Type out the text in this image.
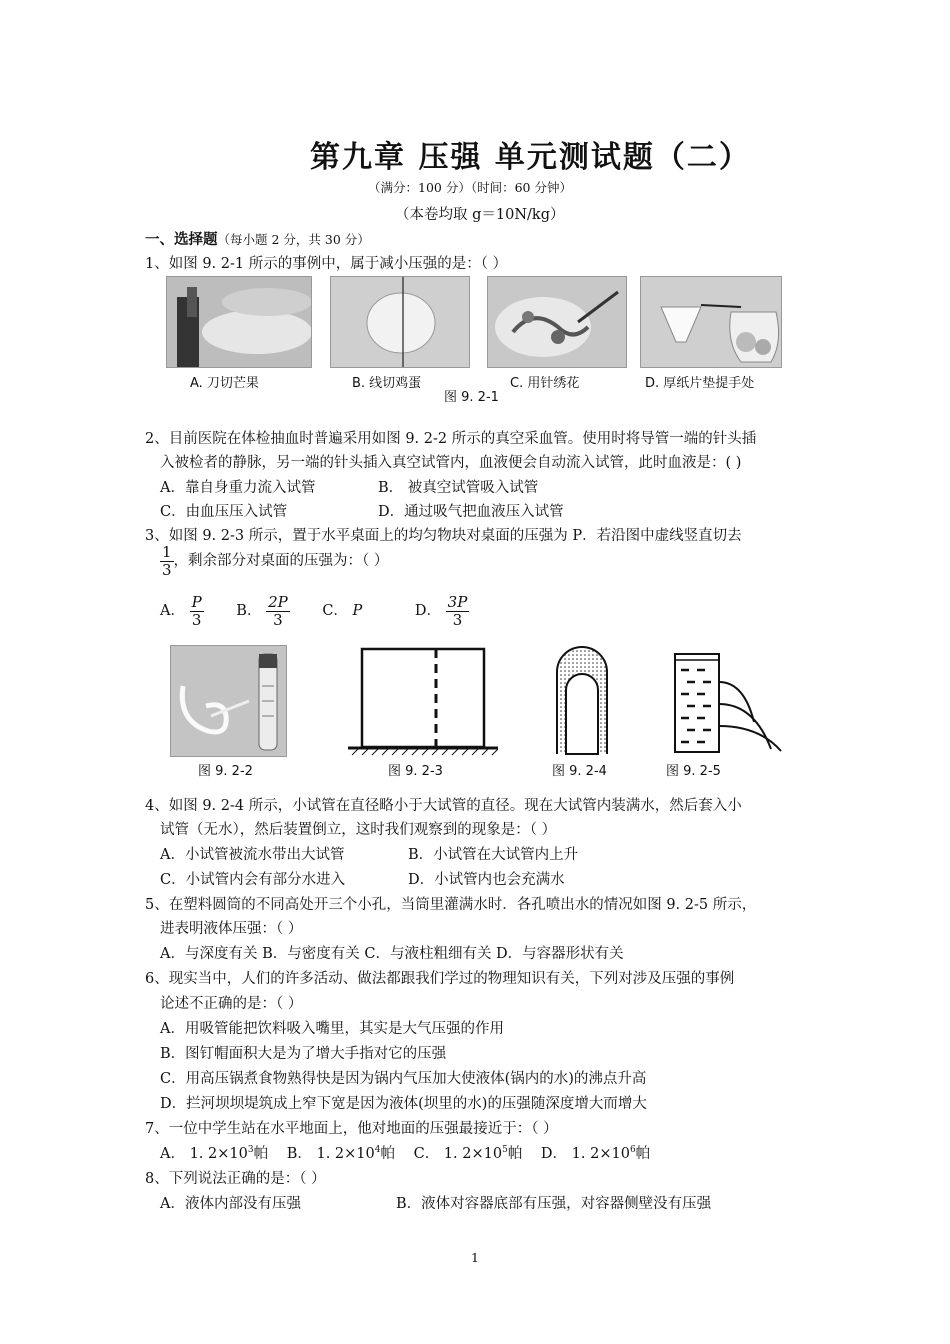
第九章 压强 单元测试题（二）
（满分：100 分）（时间：60 分钟）
（本卷均取 g＝10N/kg）
一、选择题（每小题 2 分，共 30 分）
1、如图 9. 2-1 所示的事例中，属于减小压强的是：（ ）
A. 刀切芒果	B. 线切鸡蛋	C. 用针绣花	D. 厚纸片垫提手处
图 9. 2-1
2、目前医院在体检抽血时普遍采用如图 9. 2-2 所示的真空采血管。使用时将导管一端的针头插
入被检者的静脉，另一端的针头插入真空试管内，血液便会自动流入试管，此时血液是：( )
A．靠自身重力流入试管	B． 被真空试管吸入试管
C．由血压压入试管	D．通过吸气把血液压入试管
3、如图 9. 2-3 所示，置于水平桌面上的均匀物块对桌面的压强为 P．若沿图中虚线竖直切去
$\frac{1}{3}$ ，剩余部分对桌面的压强为：（ ）
A． $\frac{P}{3}$ B． $\frac{2P}{3}$ C． P	D． $\frac{3P}{3}$
图 9. 2-2	图 9. 2-3	图 9. 2-4	图 9. 2-5
4、如图 9. 2-4 所示，小试管在直径略小于大试管的直径。现在大试管内装满水，然后套入小
试管（无水），然后装置倒立，这时我们观察到的现象是：（ ）
A．小试管被流水带出大试管	B．小试管在大试管内上升
C．小试管内会有部分水进入	D．小试管内也会充满水
5、在塑料圆筒的不同高处开三个小孔，当筒里灌满水时．各孔喷出水的情况如图 9. 2-5 所示，
进表明液体压强：（ ）
A．与深度有关 B．与密度有关 C．与液柱粗细有关 D．与容器形状有关
6、现实当中，人们的许多活动、做法都跟我们学过的物理知识有关，下列对涉及压强的事例
论述不正确的是：（ ）
A．用吸管能把饮料吸入嘴里，其实是大气压强的作用
B．图钉帽面积大是为了增大手指对它的压强
C．用高压锅煮食物熟得快是因为锅内气压加大使液体(锅内的水)的沸点升高
D．拦河坝坝堤筑成上窄下宽是因为液体(坝里的水)的压强随深度增大而增大
7、一位中学生站在水平地面上，他对地面的压强最接近于：（ ）
A． 1. $2\times 10^3$帕 B． 1. $2\times 10^4$帕 C． 1. $2\times 10^5$帕 D． 1. $2\times 10^6$帕
8、下列说法正确的是：（ ）
A．液体内部没有压强	B．液体对容器底部有压强，对容器侧壁没有压强
1
